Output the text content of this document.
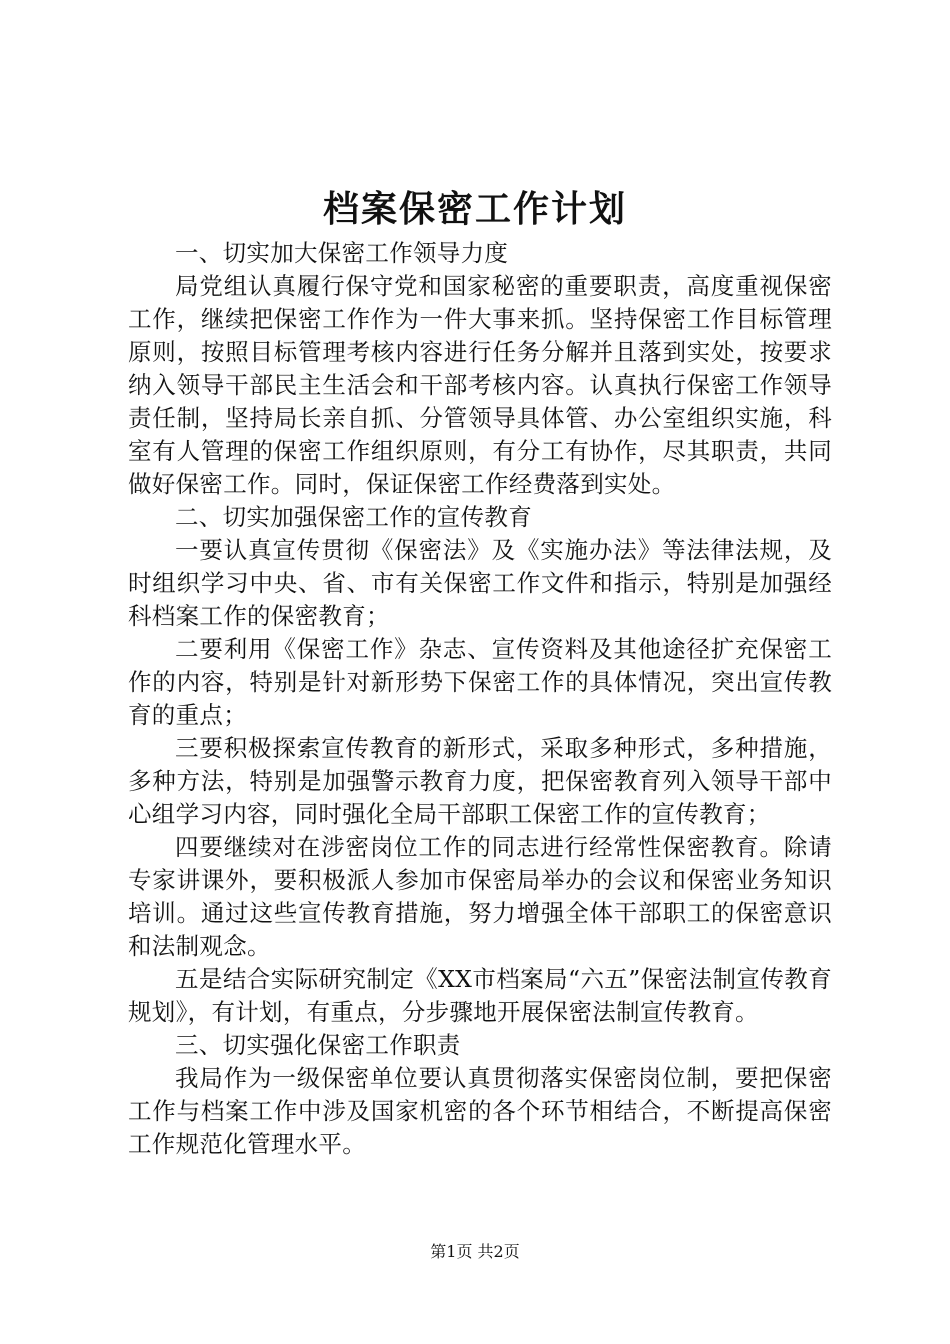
档案保密工作计划

一、切实加大保密工作领导力度

局党组认真履行保守党和国家秘密的重要职责，高度重视保密工作，继续把保密工作作为一件大事来抓。坚持保密工作目标管理原则，按照目标管理考核内容进行任务分解并且落到实处，按要求纳入领导干部民主生活会和干部考核内容。认真执行保密工作领导责任制，坚持局长亲自抓、分管领导具体管、办公室组织实施，科室有人管理的保密工作组织原则，有分工有协作，尽其职责，共同做好保密工作。同时，保证保密工作经费落到实处。

二、切实加强保密工作的宣传教育

一要认真宣传贯彻《保密法》及《实施办法》等法律法规，及时组织学习中央、省、市有关保密工作文件和指示，特别是加强经科档案工作的保密教育；

二要利用《保密工作》杂志、宣传资料及其他途径扩充保密工作的内容，特别是针对新形势下保密工作的具体情况，突出宣传教育的重点；

三要积极探索宣传教育的新形式，采取多种形式，多种措施，多种方法，特别是加强警示教育力度，把保密教育列入领导干部中心组学习内容，同时强化全局干部职工保密工作的宣传教育；

四要继续对在涉密岗位工作的同志进行经常性保密教育。除请专家讲课外，要积极派人参加市保密局举办的会议和保密业务知识培训。通过这些宣传教育措施，努力增强全体干部职工的保密意识和法制观念。

五是结合实际研究制定《XX市档案局“六五”保密法制宣传教育规划》，有计划，有重点，分步骤地开展保密法制宣传教育。

三、切实强化保密工作职责

我局作为一级保密单位要认真贯彻落实保密岗位制，要把保密工作与档案工作中涉及国家机密的各个环节相结合，不断提高保密工作规范化管理水平。

第1页 共2页
